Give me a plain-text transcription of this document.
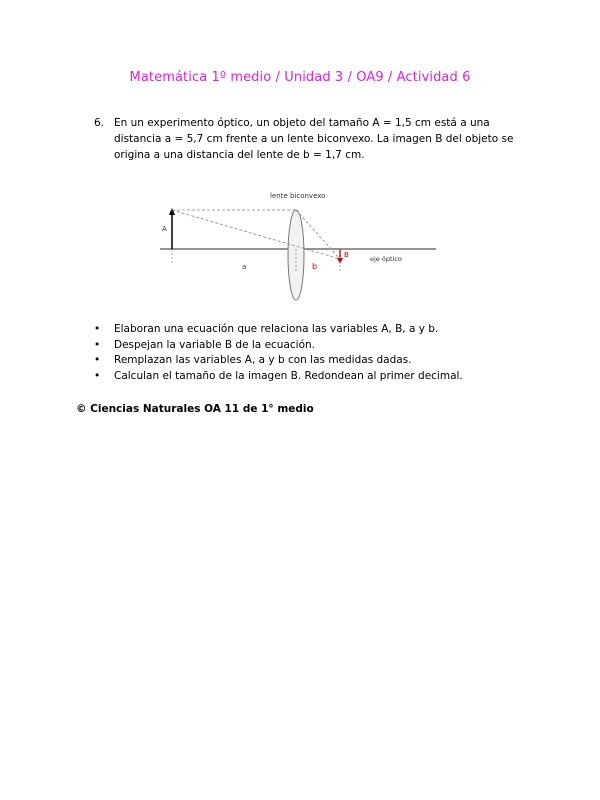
Matemática 1º medio / Unidad 3 / OA9 / Actividad 6
6. En un experimento óptico, un objeto del tamaño A = 1,5 cm está a una distancia a = 5,7 cm frente a un lente biconvexo. La imagen B del objeto se origina a una distancia del lente de b = 1,7 cm.
lente biconvexo
A
a	b
B	eje óptico
• Elaboran una ecuación que relaciona las variables A, B, a y b.
• Despejan la variable B de la ecuación.
• Remplazan las variables A, a y b con las medidas dadas.
• Calculan el tamaño de la imagen B. Redondean al primer decimal.
© Ciencias Naturales OA 11 de 1° medio
